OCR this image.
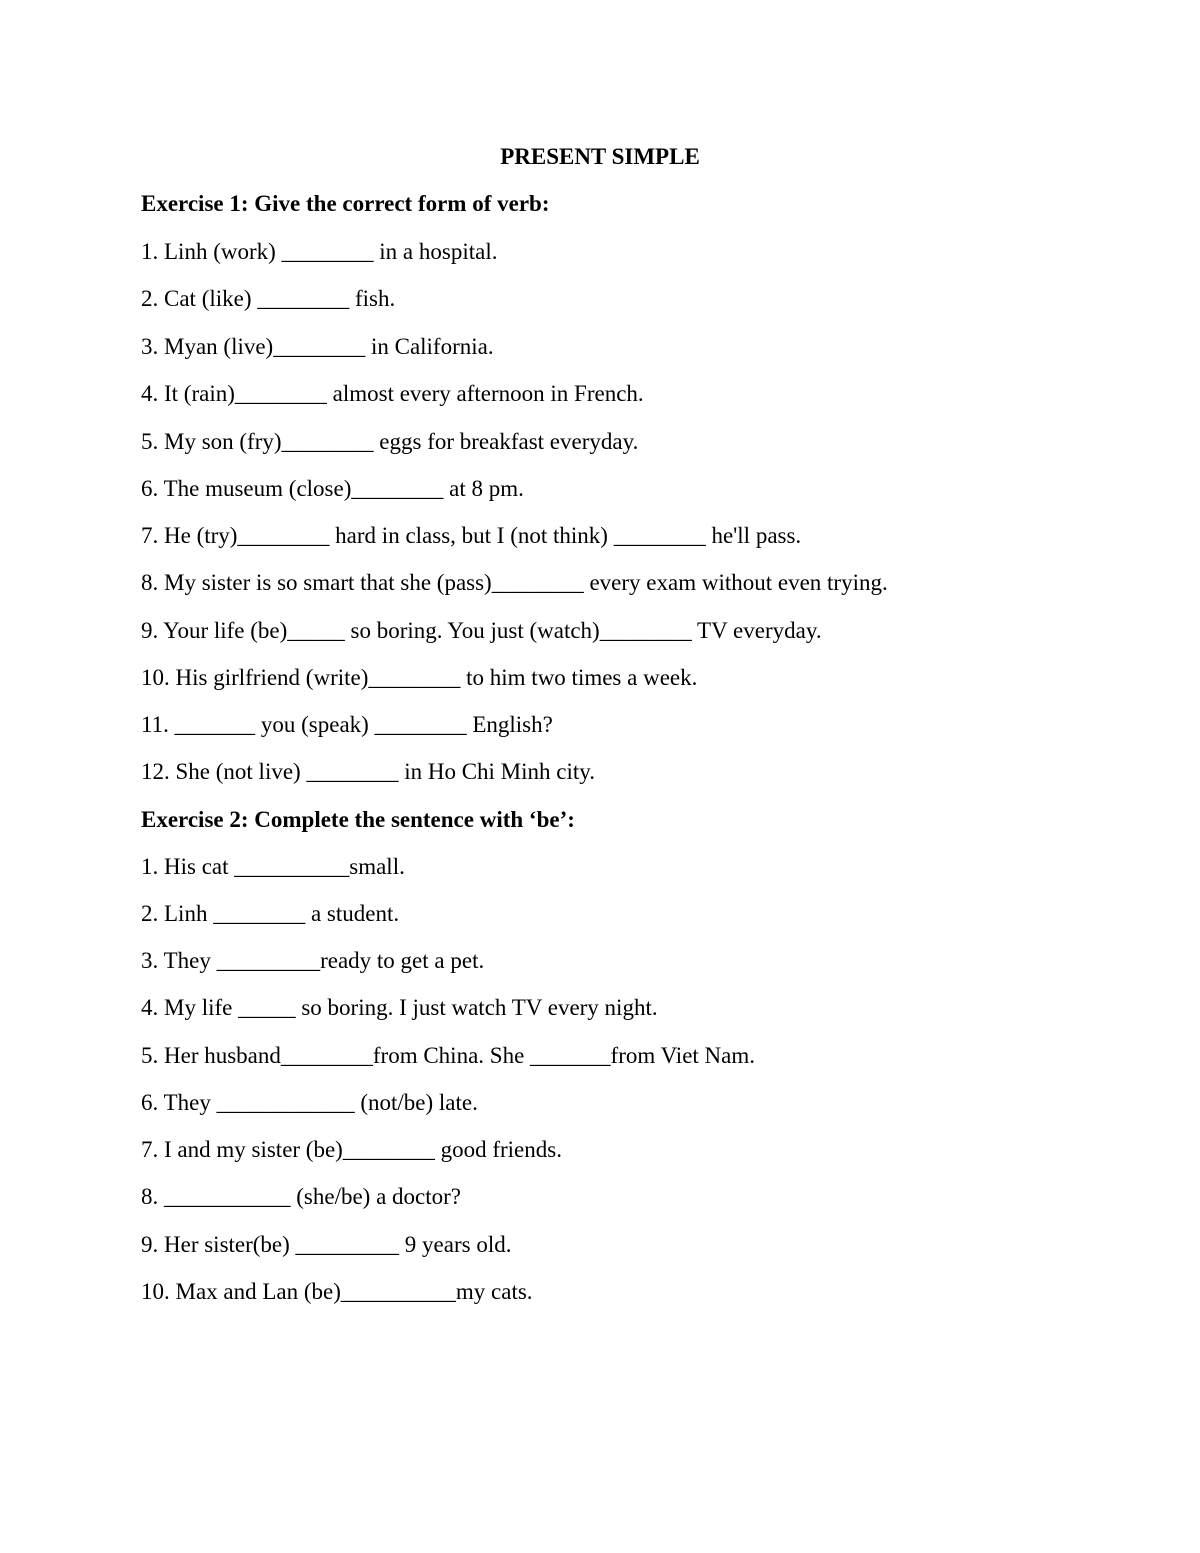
PRESENT SIMPLE
Exercise 1: Give the correct form of verb:
1. Linh (work) ________ in a hospital.
2. Cat (like) ________ fish.
3. Myan (live)________ in California.
4. It (rain)________ almost every afternoon in French.
5. My son (fry)________ eggs for breakfast everyday.
6. The museum (close)________ at 8 pm.
7. He (try)________ hard in class, but I (not think) ________ he'll pass.
8. My sister is so smart that she (pass)________ every exam without even trying.
9. Your life (be)_____ so boring. You just (watch)________ TV everyday.
10. His girlfriend (write)________ to him two times a week.
11. _______ you (speak) ________ English?
12. She (not live) ________ in Ho Chi Minh city.
Exercise 2: Complete the sentence with ‘be’:
1. His cat __________small.
2. Linh ________ a student.
3. They _________ready to get a pet.
4. My life _____ so boring. I just watch TV every night.
5. Her husband________from China. She _______from Viet Nam.
6. They ____________ (not/be) late.
7. I and my sister (be)________ good friends.
8. ___________ (she/be) a doctor?
9. Her sister(be) _________ 9 years old.
10. Max and Lan (be)__________my cats.
